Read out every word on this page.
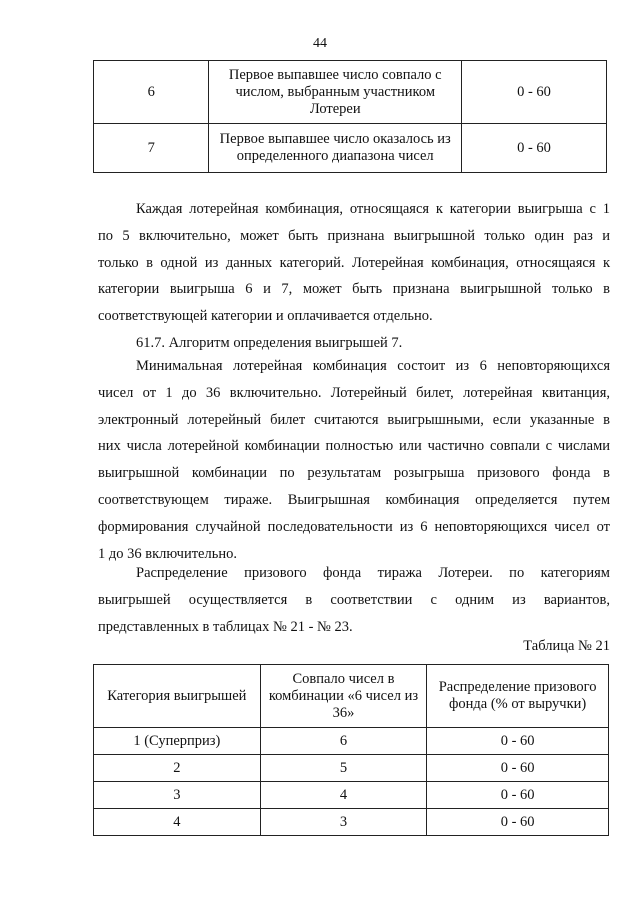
44
6	Первое выпавшее число совпало с числом, выбранным участником Лотереи	0 - 60
7	Первое выпавшее число оказалось из определенного диапазона чисел	0 - 60
Каждая лотерейная комбинация, относящаяся к категории выигрыша с 1
по 5 включительно, может быть признана выигрышной только один раз и
только в одной из данных категорий. Лотерейная комбинация, относящаяся к
категории выигрыша 6 и 7, может быть признана выигрышной только в
соответствующей категории и оплачивается отдельно.
61.7. Алгоритм определения выигрышей 7.
Минимальная лотерейная комбинация состоит из 6 неповторяющихся
чисел от 1 до 36 включительно. Лотерейный билет, лотерейная квитанция,
электронный лотерейный билет считаются выигрышными, если указанные в
них числа лотерейной комбинации полностью или частично совпали с числами
выигрышной комбинации по результатам розыгрыша призового фонда в
соответствующем тираже. Выигрышная комбинация определяется путем
формирования случайной последовательности из 6 неповторяющихся чисел от
1 до 36 включительно.
Распределение призового фонда тиража Лотереи. по категориям
выигрышей осуществляется в соответствии с одним из вариантов,
представленных в таблицах № 21 - № 23.
Таблица № 21
Категория выигрышей	Совпало чисел в комбинации «6 чисел из 36»	Распределение призового фонда (% от выручки)
1 (Суперприз)	6	0 - 60
2	5	0 - 60
3	4	0 - 60
4	3	0 - 60
